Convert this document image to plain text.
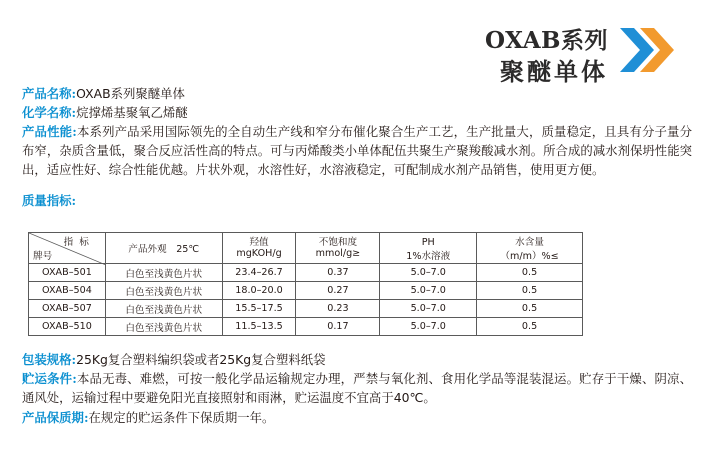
OXAB系列
聚醚单体
产品名称:OXAB系列聚醚单体
化学名称:烷撑烯基聚氧乙烯醚
产品性能:本系列产品采用国际领先的全自动生产线和窄分布催化聚合生产工艺，生产批量大，质量稳定，且具有分子量分布窄，杂质含量低，聚合反应活性高的特点。可与丙烯酸类小单体配伍共聚生产聚羧酸减水剂。所合成的减水剂保坍性能突出，适应性好、综合性能优越。片状外观，水溶性好，水溶液稳定，可配制成水剂产品销售，使用更方便。
质量指标:
指标
牌号	产品外观　25℃	羟值	不饱和度	PH	水含量
		mgKOH/g	mmol/g≥	1%水溶液	（m/m）%≤
OXAB–501	白色至浅黄色片状	23.4–26.7	0.37	5.0–7.0	0.5
OXAB–504	白色至浅黄色片状	18.0–20.0	0.27	5.0–7.0	0.5
OXAB–507	白色至浅黄色片状	15.5–17.5	0.23	5.0–7.0	0.5
OXAB–510	白色至浅黄色片状	11.5–13.5	0.17	5.0–7.0	0.5
包装规格:25Kg复合塑料编织袋或者25Kg复合塑料纸袋
贮运条件:本品无毒、难燃，可按一般化学品运输规定办理，严禁与氧化剂、食用化学品等混装混运。贮存于干燥、阴凉、通风处，运输过程中要避免阳光直接照射和雨淋，贮运温度不宜高于40℃。
产品保质期:在规定的贮运条件下保质期一年。
